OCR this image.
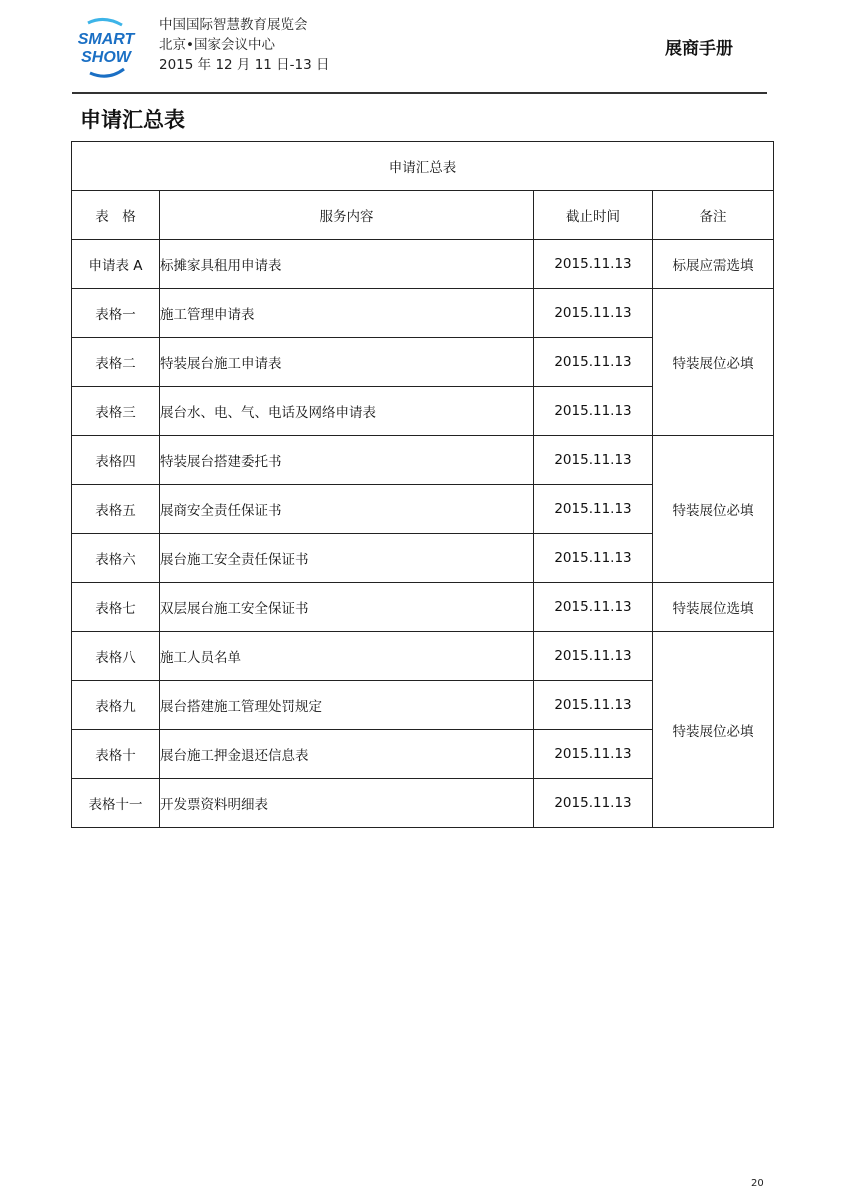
SMART
SHOW
中国国际智慧教育展览会
北京•国家会议中心
2015 年 12 月 11 日-13 日
展商手册
申请汇总表
申请汇总表			
表　格	服务内容	截止时间	备注
申请表 A	标摊家具租用申请表	2015.11.13	标展应需选填
表格一	施工管理申请表	2015.11.13	特装展位必填
表格二	特装展台施工申请表	2015.11.13	
表格三	展台水、电、气、电话及网络申请表	2015.11.13	
表格四	特装展台搭建委托书	2015.11.13	特装展位必填
表格五	展商安全责任保证书	2015.11.13	
表格六	展台施工安全责任保证书	2015.11.13	
表格七	双层展台施工安全保证书	2015.11.13	特装展位选填
表格八	施工人员名单	2015.11.13	特装展位必填
表格九	展台搭建施工管理处罚规定	2015.11.13	
表格十	展台施工押金退还信息表	2015.11.13	
表格十一	开发票资料明细表	2015.11.13	
20
